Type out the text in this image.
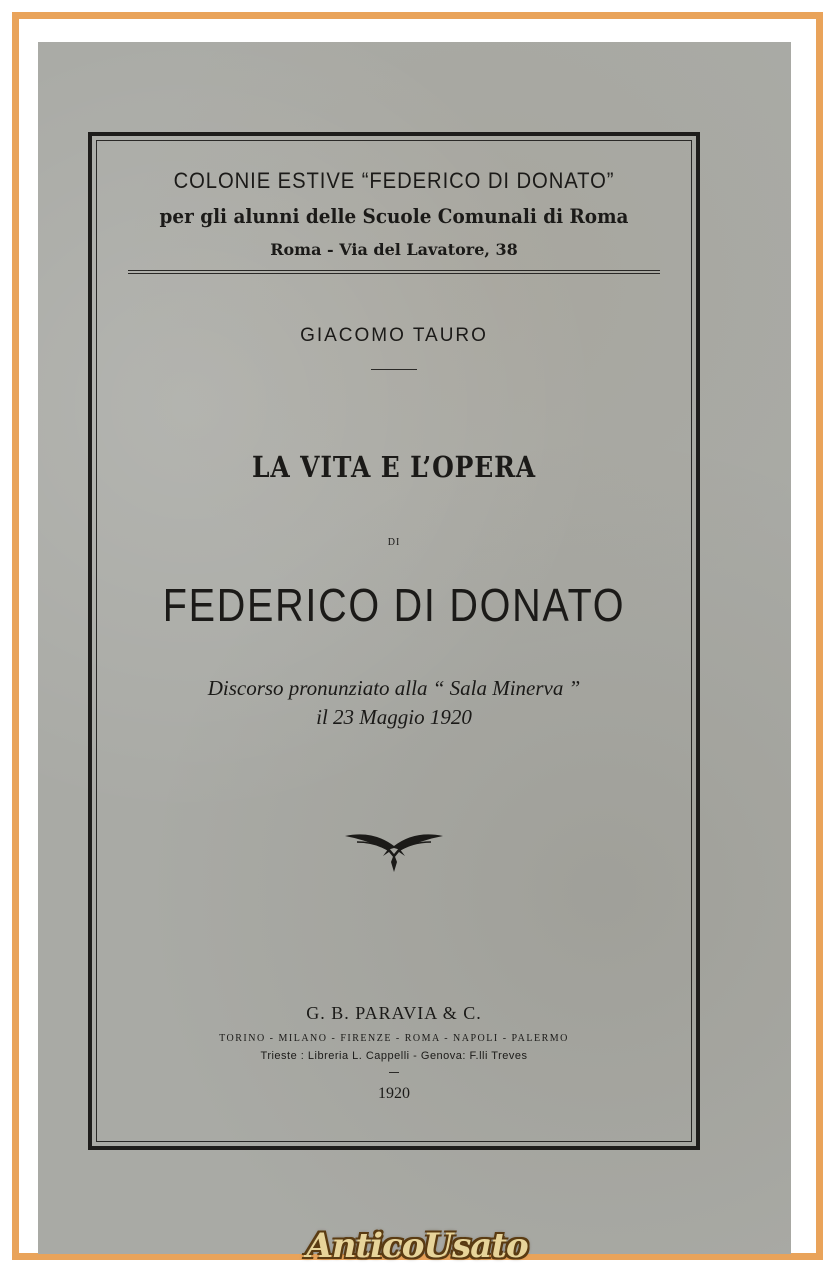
COLONIE ESTIVE “FEDERICO DI DONATO”
per gli alunni delle Scuole Comunali di Roma
Roma - Via del Lavatore, 38
GIACOMO TAURO
LA VITA E L’OPERA
DI
FEDERICO DI DONATO
Discorso pronunziato alla “ Sala Minerva ”
il 23 Maggio 1920
G. B. PARAVIA & C.
TORINO - MILANO - FIRENZE - ROMA - NAPOLI - PALERMO
Trieste : Libreria L. Cappelli - Genova: F.lli Treves
1920
AnticoUsato
